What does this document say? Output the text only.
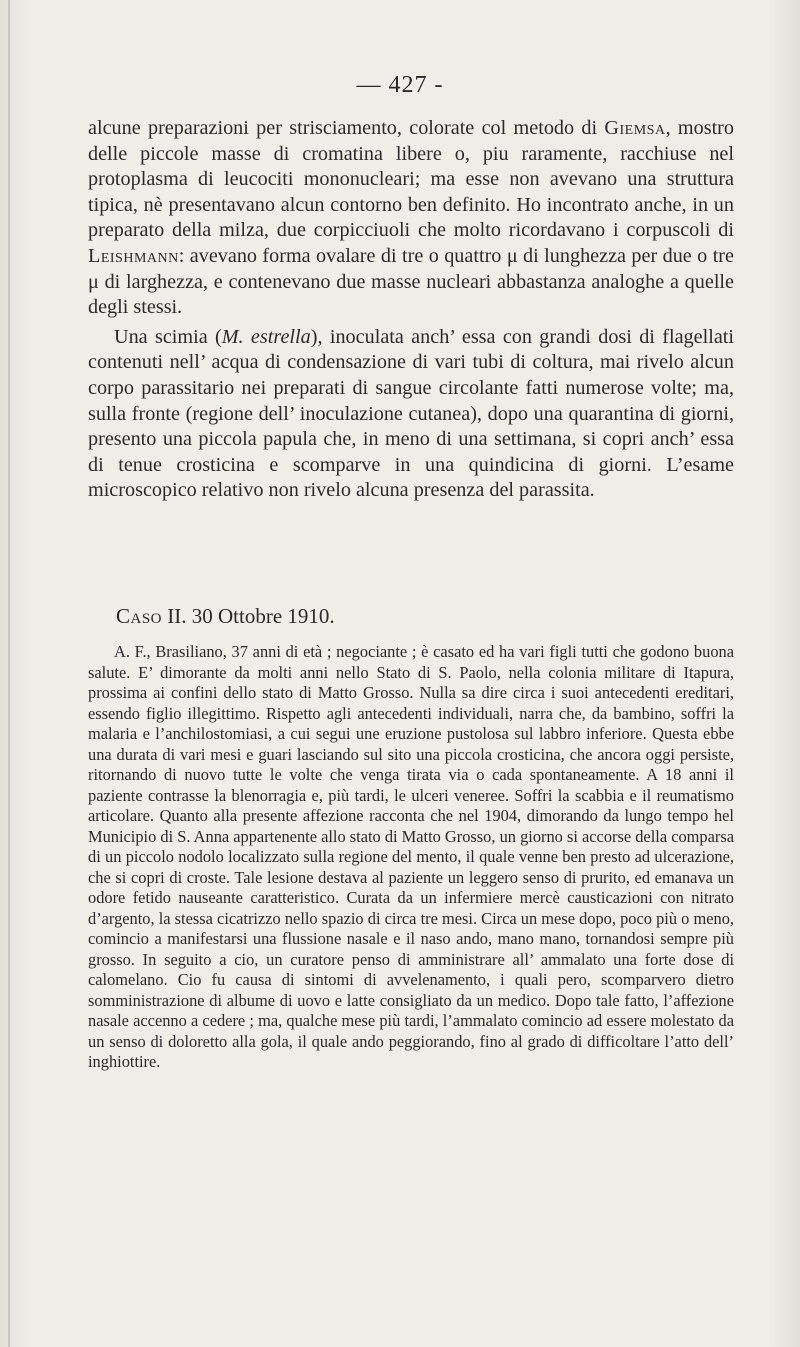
— 427 -

alcune preparazioni per strisciamento, colorate col metodo di Giemsa, mostro delle piccole masse di cromatina libere o, piu raramente, racchiuse nel protoplasma di leucociti mononucleari; ma esse non avevano una struttura tipica, nè presentavano alcun contorno ben definito. Ho incontrato anche, in un preparato della milza, due corpicciuoli che molto ricordavano i corpuscoli di Leishmann: avevano forma ovalare di tre o quattro μ di lunghezza per due o tre μ di larghezza, e contenevano due masse nucleari abbastanza analoghe a quelle degli stessi.

Una scimia (M. estrella), inoculata anch’ essa con grandi dosi di flagellati contenuti nell’ acqua di condensazione di vari tubi di coltura, mai rivelo alcun corpo parassitario nei preparati di sangue circolante fatti numerose volte; ma, sulla fronte (regione dell’ inoculazione cutanea), dopo una quarantina di giorni, presento una piccola papula che, in meno di una settimana, si copri anch’ essa di tenue crosticina e scomparve in una quindicina di giorni. L’esame microscopico relativo non rivelo alcuna presenza del parassita.

Caso II. 30 Ottobre 1910.

A. F., Brasiliano, 37 anni di età ; negociante ; è casato ed ha vari figli tutti che godono buona salute. E’ dimorante da molti anni nello Stato di S. Paolo, nella colonia militare di Itapura, prossima ai confini dello stato di Matto Grosso. Nulla sa dire circa i suoi antecedenti ereditari, essendo figlio illegittimo. Rispetto agli antecedenti individuali, narra che, da bambino, soffri la malaria e l’anchilostomiasi, a cui segui une eruzione pustolosa sul labbro inferiore. Questa ebbe una durata di vari mesi e guari lasciando sul sito una piccola crosticina, che ancora oggi persiste, ritornando di nuovo tutte le volte che venga tirata via o cada spontaneamente. A 18 anni il paziente contrasse la blenorragia e, più tardi, le ulceri veneree. Soffri la scabbia e il reumatismo articolare. Quanto alla presente affezione racconta che nel 1904, dimorando da lungo tempo hel Municipio di S. Anna appartenente allo stato di Matto Grosso, un giorno si accorse della comparsa di un piccolo nodolo localizzato sulla regione del mento, il quale venne ben presto ad ulcerazione, che si copri di croste. Tale lesione destava al paziente un leggero senso di prurito, ed emanava un odore fetido nauseante caratteristico. Curata da un infermiere mercè causticazioni con nitrato d’argento, la stessa cicatrizzo nello spazio di circa tre mesi. Circa un mese dopo, poco più o meno, comincio a manifestarsi una flussione nasale e il naso ando, mano mano, tornandosi sempre più grosso. In seguito a cio, un curatore penso di amministrare all’ ammalato una forte dose di calomelano. Cio fu causa di sintomi di avvelenamento, i quali pero, scomparvero dietro somministrazione di albume di uovo e latte consigliato da un medico. Dopo tale fatto, l’affezione nasale accenno a cedere ; ma, qualche mese più tardi, l’ammalato comincio ad essere molestato da un senso di doloretto alla gola, il quale ando peggiorando, fino al grado di difficoltare l’atto dell’ inghiottire.
